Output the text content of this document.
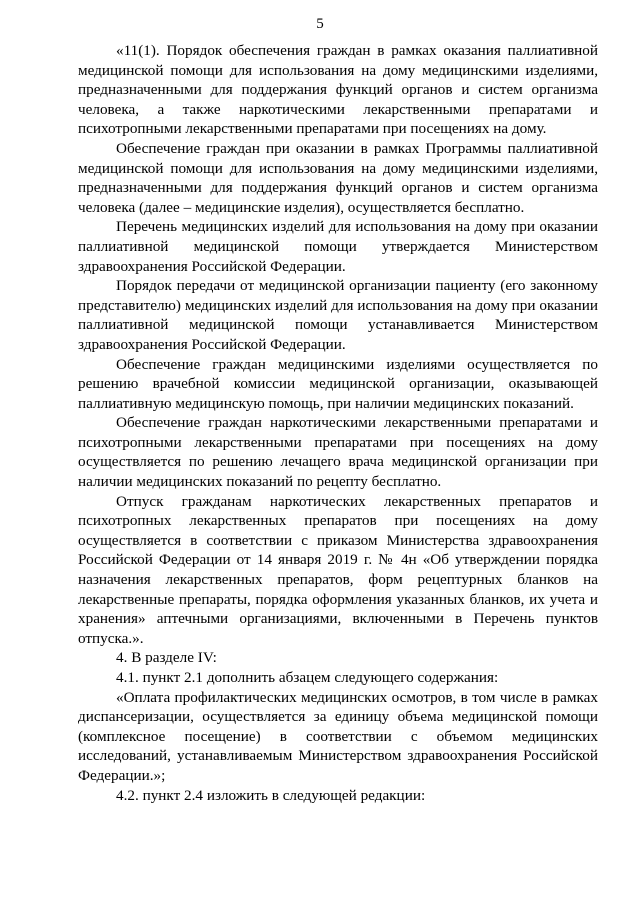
5

«11(1). Порядок обеспечения граждан в рамках оказания паллиативной медицинской помощи для использования на дому медицинскими изделиями, предназначенными для поддержания функций органов и систем организма человека, а также наркотическими лекарственными препаратами и психотропными лекарственными препаратами при посещениях на дому.

Обеспечение граждан при оказании в рамках Программы паллиативной медицинской помощи для использования на дому медицинскими изделиями, предназначенными для поддержания функций органов и систем организма человека (далее – медицинские изделия), осуществляется бесплатно.

Перечень медицинских изделий для использования на дому при оказании паллиативной медицинской помощи утверждается Министерством здравоохранения Российской Федерации.

Порядок передачи от медицинской организации пациенту (его законному представителю) медицинских изделий для использования на дому при оказании паллиативной медицинской помощи устанавливается Министерством здравоохранения Российской Федерации.

Обеспечение граждан медицинскими изделиями осуществляется по решению врачебной комиссии медицинской организации, оказывающей паллиативную медицинскую помощь, при наличии медицинских показаний.

Обеспечение граждан наркотическими лекарственными препаратами и психотропными лекарственными препаратами при посещениях на дому осуществляется по решению лечащего врача медицинской организации при наличии медицинских показаний по рецепту бесплатно.

Отпуск гражданам наркотических лекарственных препаратов и психотропных лекарственных препаратов при посещениях на дому осуществляется в соответствии с приказом Министерства здравоохранения Российской Федерации от 14 января 2019 г. № 4н «Об утверждении порядка назначения лекарственных препаратов, форм рецептурных бланков на лекарственные препараты, порядка оформления указанных бланков, их учета и хранения» аптечными организациями, включенными в Перечень пунктов отпуска.».

4. В разделе IV:

4.1. пункт 2.1 дополнить абзацем следующего содержания:

«Оплата профилактических медицинских осмотров, в том числе в рамках диспансеризации, осуществляется за единицу объема медицинской помощи (комплексное посещение) в соответствии с объемом медицинских исследований, устанавливаемым Министерством здравоохранения Российской Федерации.»;

4.2. пункт 2.4 изложить в следующей редакции:
